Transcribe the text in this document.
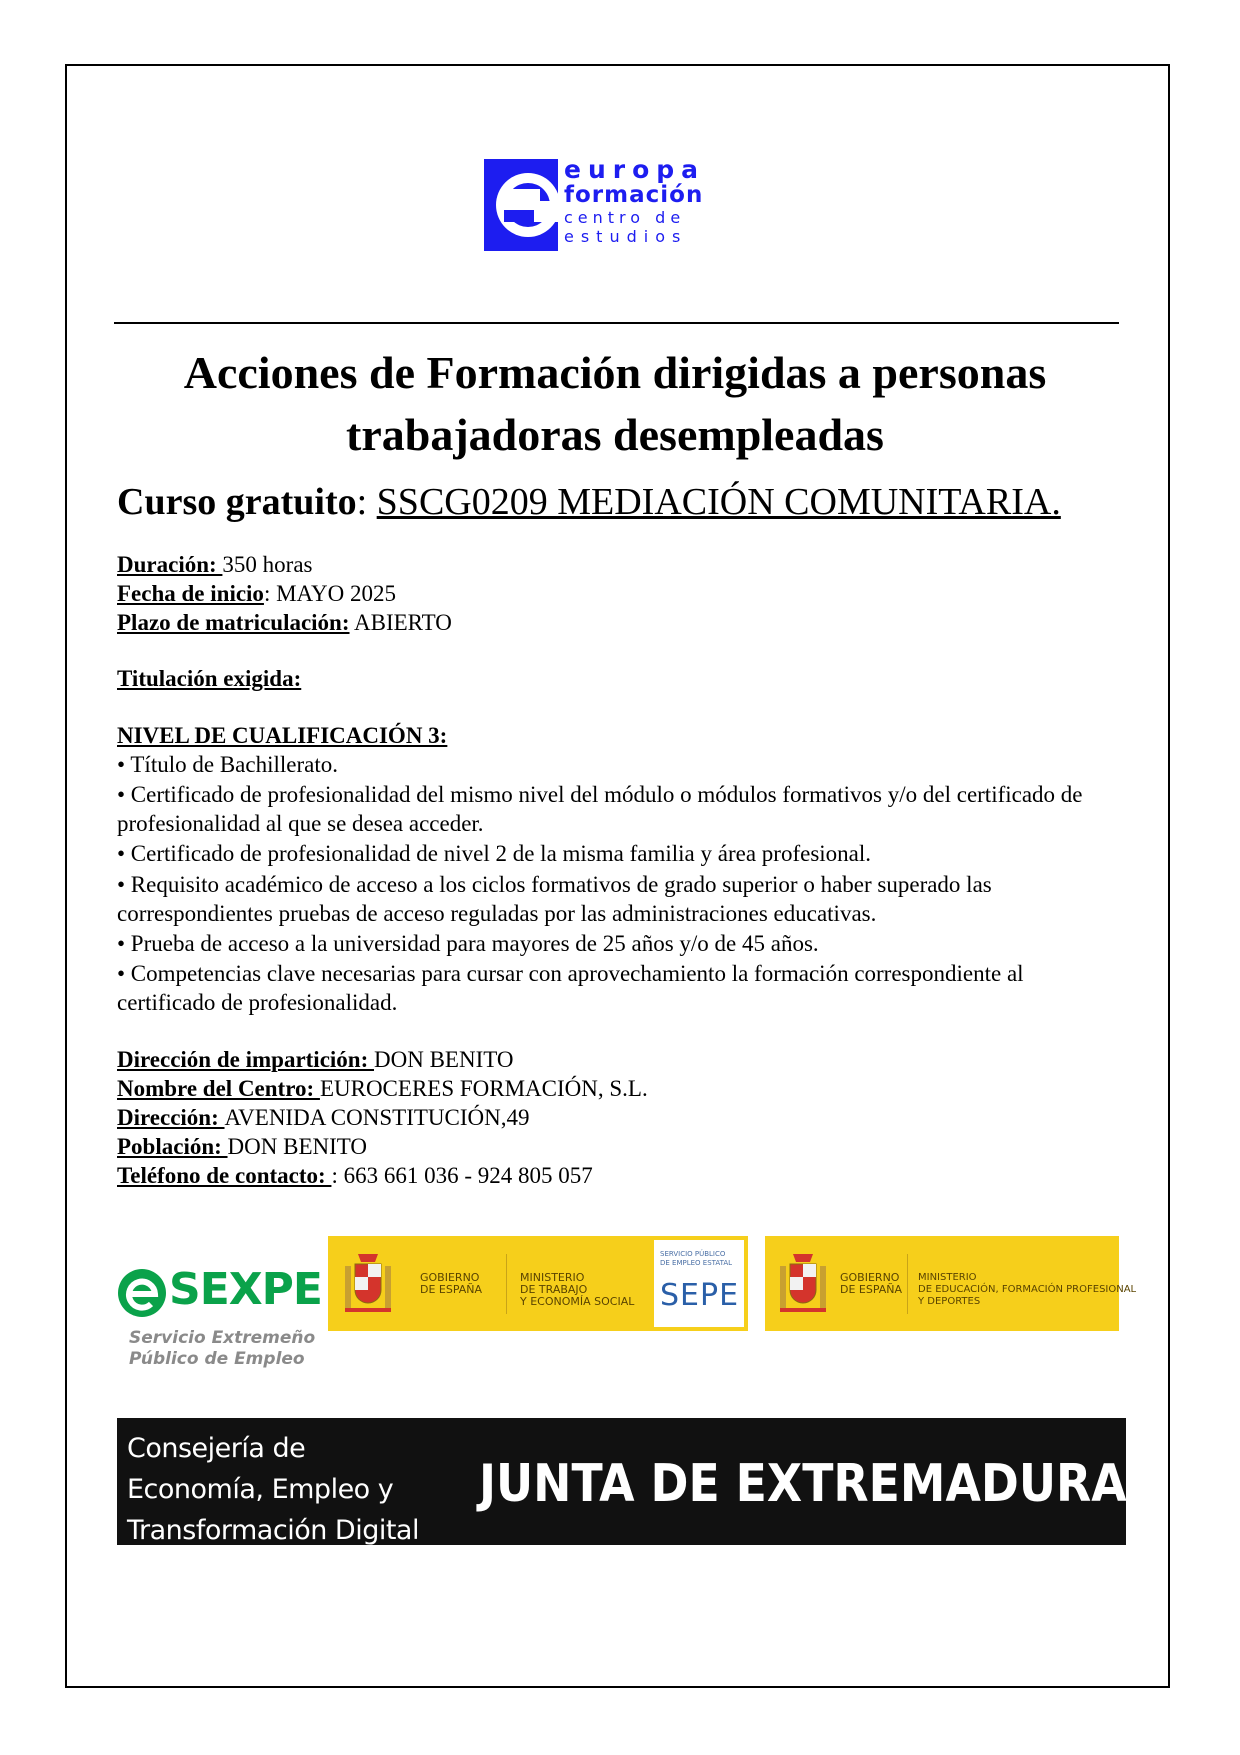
europa
formación
centro de
estudios
Acciones de Formación dirigidas a personas trabajadoras desempleadas
Curso gratuito: SSCG0209 MEDIACIÓN COMUNITARIA.
Duración: 350 horas
Fecha de inicio: MAYO 2025
Plazo de matriculación: ABIERTO
Titulación exigida:
NIVEL DE CUALIFICACIÓN 3:
• Título de Bachillerato.
• Certificado de profesionalidad del mismo nivel del módulo o módulos formativos y/o del certificado de profesionalidad al que se desea acceder.
• Certificado de profesionalidad de nivel 2 de la misma familia y área profesional.
• Requisito académico de acceso a los ciclos formativos de grado superior o haber superado las correspondientes pruebas de acceso reguladas por las administraciones educativas.
• Prueba de acceso a la universidad para mayores de 25 años y/o de 45 años.
• Competencias clave necesarias para cursar con aprovechamiento la formación correspondiente al certificado de profesionalidad.
Dirección de impartición: DON BENITO
Nombre del Centro: EUROCERES FORMACIÓN, S.L.
Dirección: AVENIDA CONSTITUCIÓN,49
Población: DON BENITO
Teléfono de contacto: : 663 661 036 - 924 805 057
SEXPE
Servicio Extremeño
Público de Empleo
GOBIERNO DE ESPAÑA
MINISTERIO
DE TRABAJO
Y ECONOMÍA SOCIAL
SERVICIO PÚBLICO
DE EMPLEO ESTATAL
SEPE
GOBIERNO DE ESPAÑA
MINISTERIO
DE EDUCACIÓN, FORMACIÓN PROFESIONAL
Y DEPORTES
Consejería de
Economía, Empleo y
Transformación Digital
JUNTA DE EXTREMADURA
